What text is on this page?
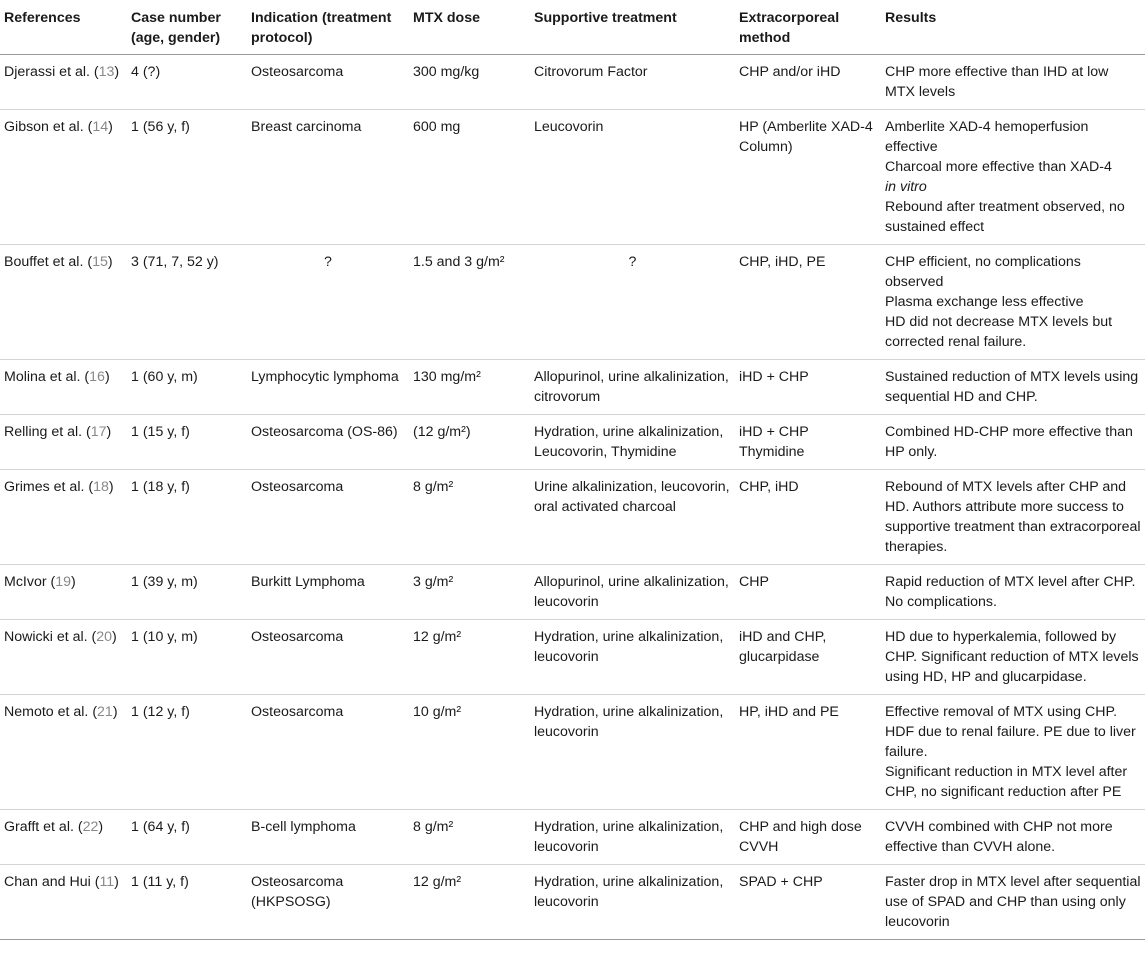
References	Case number (age, gender)	Indication (treatment protocol)	MTX dose	Supportive treatment	Extracorporeal method	Results
Djerassi et al. (13)	4 (?)	Osteosarcoma	300 mg/kg	Citrovorum Factor	CHP and/or iHD	CHP more effective than IHD at low MTX levels

Gibson et al. (14)	1 (56 y, f)	Breast carcinoma	600 mg	Leucovorin	HP (Amberlite XAD-4 Column)	Amberlite XAD-4 hemoperfusion effective
Charcoal more effective than XAD-4
in vitro
Rebound after treatment observed, no sustained effect

Bouffet et al. (15)	3 (71, 7, 52 y)	?	1.5 and 3 g/m²	?	CHP, iHD, PE	CHP efficient, no complications observed
Plasma exchange less effective
HD did not decrease MTX levels but corrected renal failure.

Molina et al. (16)	1 (60 y, m)	Lymphocytic lymphoma	130 mg/m²	Allopurinol, urine alkalinization, citrovorum	iHD + CHP	Sustained reduction of MTX levels using sequential HD and CHP.

Relling et al. (17)	1 (15 y, f)	Osteosarcoma (OS-86)	(12 g/m²)	Hydration, urine alkalinization, Leucovorin, Thymidine	iHD + CHP Thymidine	Combined HD-CHP more effective than HP only.

Grimes et al. (18)	1 (18 y, f)	Osteosarcoma	8 g/m²	Urine alkalinization, leucovorin, oral activated charcoal	CHP, iHD	Rebound of MTX levels after CHP and HD. Authors attribute more success to supportive treatment than extracorporeal therapies.

McIvor (19)	1 (39 y, m)	Burkitt Lymphoma	3 g/m²	Allopurinol, urine alkalinization, leucovorin	CHP	Rapid reduction of MTX level after CHP. No complications.

Nowicki et al. (20)	1 (10 y, m)	Osteosarcoma	12 g/m²	Hydration, urine alkalinization, leucovorin	iHD and CHP, glucarpidase	HD due to hyperkalemia, followed by CHP. Significant reduction of MTX levels using HD, HP and glucarpidase.

Nemoto et al. (21)	1 (12 y, f)	Osteosarcoma	10 g/m²	Hydration, urine alkalinization, leucovorin	HP, iHD and PE	Effective removal of MTX using CHP. HDF due to renal failure. PE due to liver failure.
Significant reduction in MTX level after CHP, no significant reduction after PE

Grafft et al. (22)	1 (64 y, f)	B-cell lymphoma	8 g/m²	Hydration, urine alkalinization, leucovorin	CHP and high dose CVVH	CVVH combined with CHP not more effective than CVVH alone.

Chan and Hui (11)	1 (11 y, f)	Osteosarcoma (HKPSOSG)	12 g/m²	Hydration, urine alkalinization, leucovorin	SPAD + CHP	Faster drop in MTX level after sequential use of SPAD and CHP than using only leucovorin
